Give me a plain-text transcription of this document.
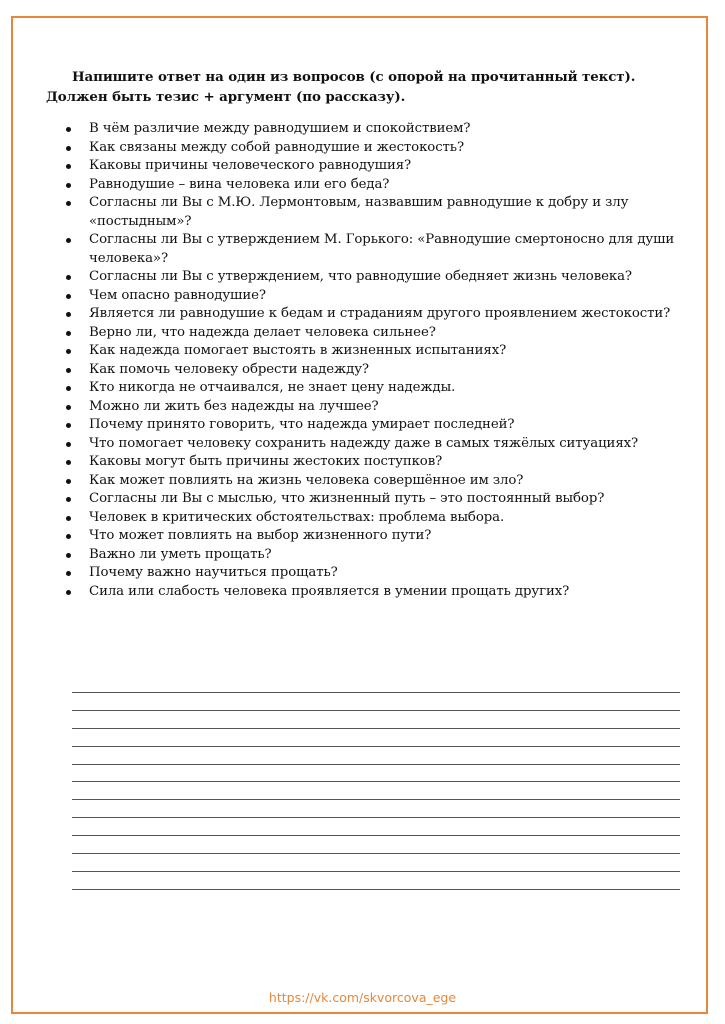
Напишите ответ на один из вопросов (с опорой на прочитанный текст). Должен быть тезис + аргумент (по рассказу).

В чём различие между равнодушием и спокойствием?
Как связаны между собой равнодушие и жестокость?
Каковы причины человеческого равнодушия?
Равнодушие – вина человека или его беда?
Согласны ли Вы с М.Ю. Лермонтовым, назвавшим равнодушие к добру и злу «постыдным»?
Согласны ли Вы с утверждением М. Горького: «Равнодушие смертоносно для души человека»?
Согласны ли Вы с утверждением, что равнодушие обедняет жизнь человека?
Чем опасно равнодушие?
Является ли равнодушие к бедам и страданиям другого проявлением жестокости?
Верно ли, что надежда делает человека сильнее?
Как надежда помогает выстоять в жизненных испытаниях?
Как помочь человеку обрести надежду?
Кто никогда не отчаивался, не знает цену надежды.
Можно ли жить без надежды на лучшее?
Почему принято говорить, что надежда умирает последней?
Что помогает человеку сохранить надежду даже в самых тяжёлых ситуациях?
Каковы могут быть причины жестоких поступков?
Как может повлиять на жизнь человека совершённое им зло?
Согласны ли Вы с мыслью, что жизненный путь – это постоянный выбор?
Человек в критических обстоятельствах: проблема выбора.
Что может повлиять на выбор жизненного пути?
Важно ли уметь прощать?
Почему важно научиться прощать?
Сила или слабость человека проявляется в умении прощать других?
https://vk.com/skvorcova_ege
